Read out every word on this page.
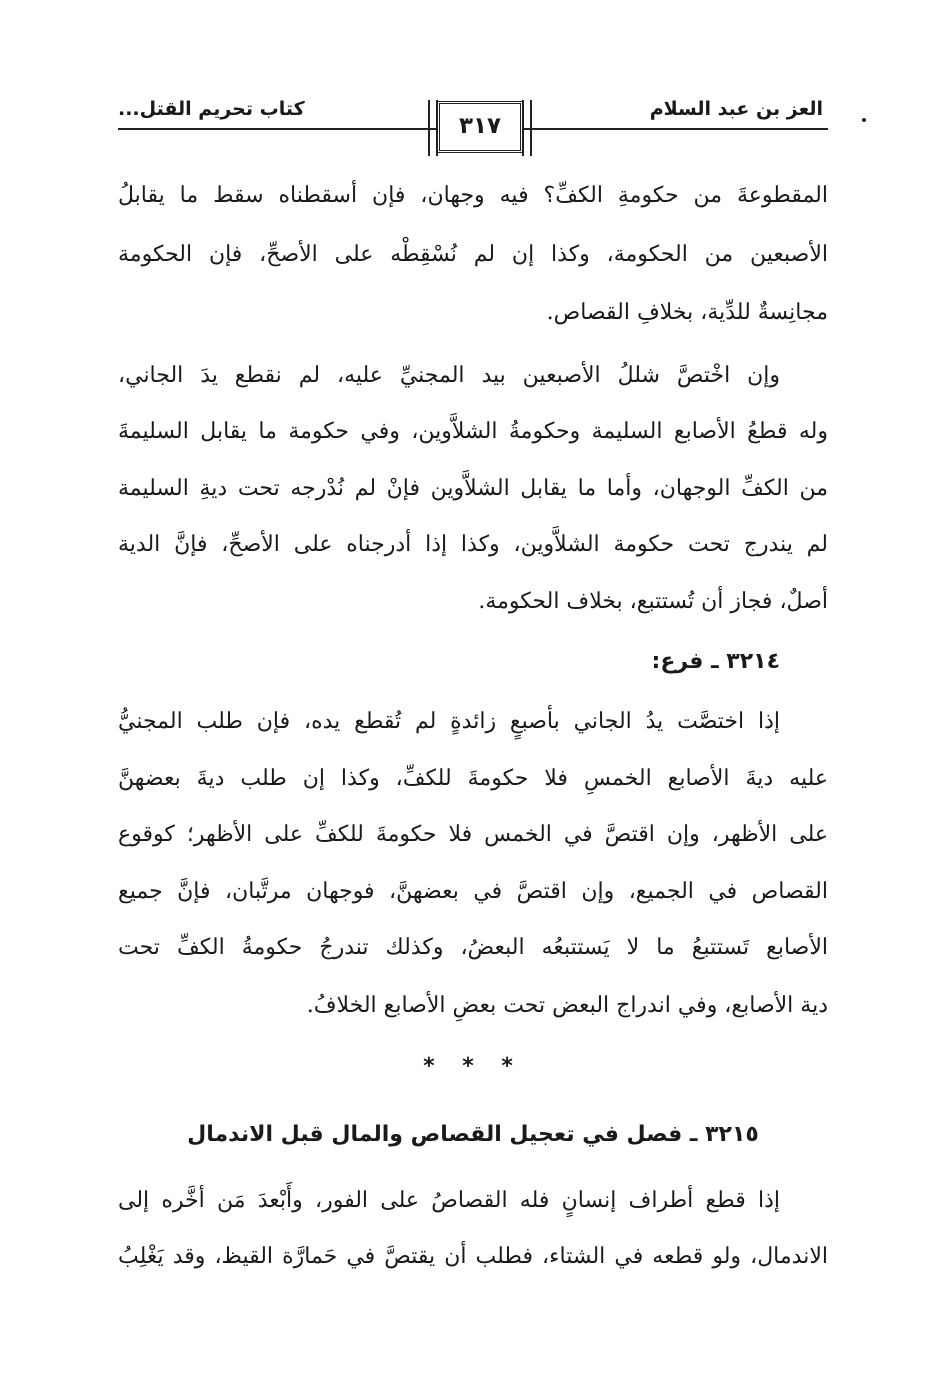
العز بن عبد السلام
كتاب تحريم القتل...
٣١٧
المقطوعةَ من حكومةِ الكفِّ؟ فيه وجهان، فإن أسقطناه سقط ما يقابلُ
الأصبعين من الحكومة، وكذا إن لم نُسْقِطْه على الأصحِّ، فإن الحكومة
مجانِسةٌ للدِّية، بخلافِ القصاص.
وإن اخْتصَّ شللُ الأصبعين بيد المجنيِّ عليه، لم نقطع يدَ الجاني،
وله قطعُ الأصابع السليمة وحكومةُ الشلاَّوين، وفي حكومة ما يقابل السليمةَ
من الكفِّ الوجهان، وأما ما يقابل الشلاَّوين فإنْ لم نُدْرجه تحت ديةِ السليمة
لم يندرج تحت حكومة الشلاَّوين، وكذا إذا أدرجناه على الأصحِّ، فإنَّ الدية
أصلٌ، فجاز أن تُستتبع، بخلاف الحكومة.
٣٢١٤ ـ فرع:
إذا اختصَّت يدُ الجاني بأصبعٍ زائدةٍ لم تُقطع يده، فإن طلب المجنيُّ
عليه ديةَ الأصابع الخمسِ فلا حكومةَ للكفِّ، وكذا إن طلب ديةَ بعضهنَّ
على الأظهر، وإن اقتصَّ في الخمس فلا حكومةَ للكفِّ على الأظهر؛ كوقوع
القصاص في الجميع، وإن اقتصَّ في بعضهنَّ، فوجهان مرتَّبان، فإنَّ جميع
الأصابع تَستتبعُ ما لا يَستتبعُه البعضُ، وكذلك تندرجُ حكومةُ الكفِّ تحت
دية الأصابع، وفي اندراج البعض تحت بعضِ الأصابع الخلافُ.
* * *
٣٢١٥ ـ فصل في تعجيل القصاص والمال قبل الاندمال
إذا قطع أطراف إنسانٍ فله القصاصُ على الفور، وأَبْعدَ مَن أخَّره إلى
الاندمال، ولو قطعه في الشتاء، فطلب أن يقتصَّ في حَمارَّة القيظ، وقد يَغْلِبُ
